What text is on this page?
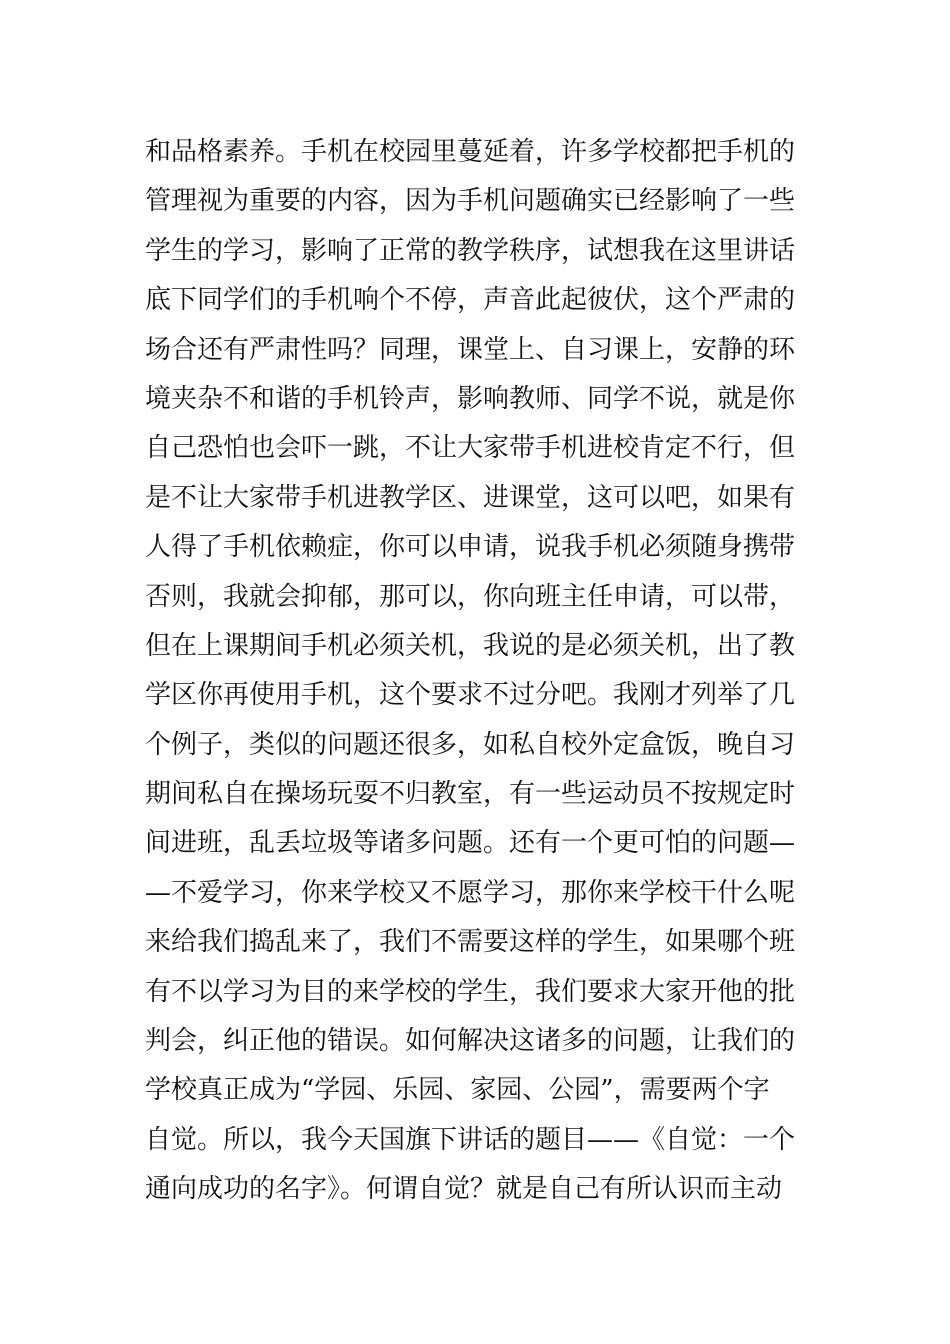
和品格素养。手机在校园里蔓延着，许多学校都把手机的
管理视为重要的内容，因为手机问题确实已经影响了一些
学生的学习，影响了正常的教学秩序，试想我在这里讲话
底下同学们的手机响个不停，声音此起彼伏，这个严肃的
场合还有严肃性吗？同理，课堂上、自习课上，安静的环
境夹杂不和谐的手机铃声，影响教师、同学不说，就是你
自己恐怕也会吓一跳，不让大家带手机进校肯定不行，但
是不让大家带手机进教学区、进课堂，这可以吧，如果有
人得了手机依赖症，你可以申请，说我手机必须随身携带
否则，我就会抑郁，那可以，你向班主任申请，可以带，
但在上课期间手机必须关机，我说的是必须关机，出了教
学区你再使用手机，这个要求不过分吧。我刚才列举了几
个例子，类似的问题还很多，如私自校外定盒饭，晚自习
期间私自在操场玩耍不归教室，有一些运动员不按规定时
间进班，乱丢垃圾等诸多问题。还有一个更可怕的问题—
—不爱学习，你来学校又不愿学习，那你来学校干什么呢
来给我们捣乱来了，我们不需要这样的学生，如果哪个班
有不以学习为目的来学校的学生，我们要求大家开他的批
判会，纠正他的错误。如何解决这诸多的问题，让我们的
学校真正成为“学园、乐园、家园、公园”，需要两个字
自觉。所以，我今天国旗下讲话的题目——《自觉：一个
通向成功的名字》。何谓自觉？就是自己有所认识而主动
